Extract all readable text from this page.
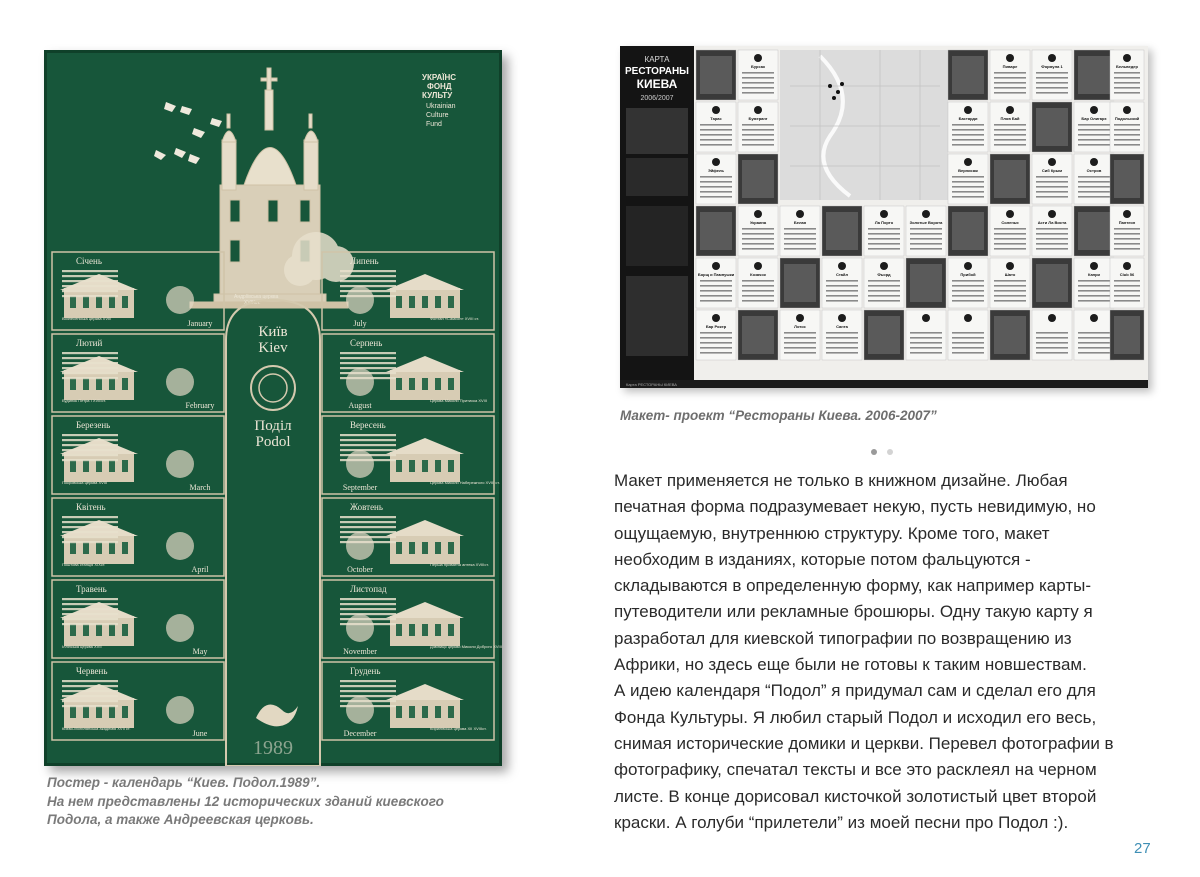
УКРАЇНС
ФОНД
КУЛЬТУ
Ukrainian
Culture
Fund
Андріївська церква
XVIIIст.
Київ
Kiev
Поділ
Podol
1989
Січень
January
Вознесенська церква XVIII
Лютий
February
Будинок Петра I XVIIIст.
Березень
March
Покровська церква XVIII
Квітень
April
Поштова станція XIXст.
Травень
May
Іллінська церква XVII
Червень
June
Києво-Могилянська академія XVII ст.
Липень
July
Фонтан «Самсон» XVIII ст.
Серпень
August
Церква Миколи Притиска XVIII
Вересень
September
Церква Миколи Набережного XVIII ст.
Жовтень
October
Перша приватна аптека XVIIIст.
Листопад
November
Дзвіниця церкви Миколи Доброго XVIII
Грудень
December
Кирилівська церква XII XVIIIст.
Постер - календарь “Киев. Подол.1989”.
На нем представлены 12 исторических зданий киевского
Подола, а также Андреевская церковь.
КАРТА
РЕСТОРАНЫ
КИЕВА
2006/2007
Бурсак	Пиваре	Формула 1	Бельведер
Тарас	Бумеранг	Бастарди	Плов Бай	Бар Олигарх Подольский
Эйфель	Вернисаж	Сиб Крым	Остров
Украина	Белая	Ла Порто	Золотые Ворота	Соленья	Асти Ла Виста	Пантеон
Борщ и Пампушки	Козачок	Стайл	Фьорд	Прибой	Шато	Капри	Club 56
Бар Рокер	Лотос	Санта
Карта РЕСТОРАНЫ КИЕВА
Макет- проект “Рестораны Киева. 2006-2007”

Макет применяется не только в книжном дизайне. Любая
печатная форма подразумевает некую, пусть невидимую, но
ощущаемую, внутреннюю структуру. Кроме того, макет
необходим в изданиях, которые потом фальцуются -
складываются в определенную форму, как например карты-
путеводители или рекламные брошюры. Одну такую карту я
разработал для киевской типографии по возвращению из
Африки, но здесь еще были не готовы к таким новшествам.
А идею календаря “Подол” я придумал сам и сделал его для
Фонда Культуры. Я любил старый Подол и исходил его весь,
снимая исторические домики и церкви. Перевел фотографии в
фотографику, спечатал тексты и все это расклеял на черном
листе. В конце дорисовал кисточкой золотистый цвет второй
краски. А голуби “прилетели” из моей песни про Подол :).
27
